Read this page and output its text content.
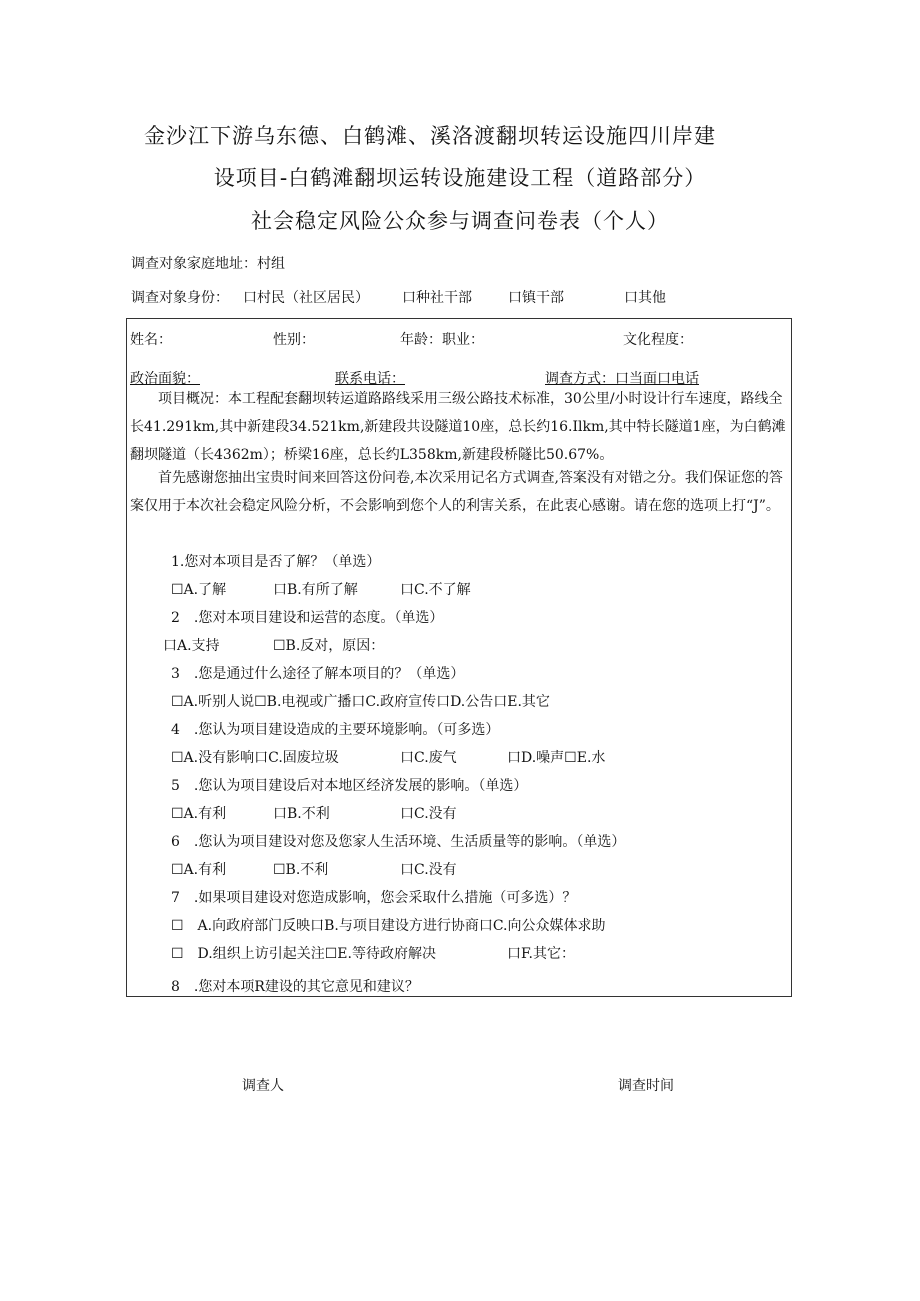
金沙江下游乌东德、白鹤滩、溪洛渡翻坝转运设施四川岸建
设项目-白鹤滩翻坝运转设施建设工程（道路部分）
社会稳定风险公众参与调查问卷表（个人）
调查对象家庭地址：村组
调查对象身份： 口村民（社区居民） 口种社干部	口镇干部	口其他
姓名：	性别：	年龄：职业：	文化程度：
政治面貌：	联系电话：	调查方式：口当面口电话
项目概况：本工程配套翻坝转运道路路线采用三级公路技术标准，30公里/小时设计行车速度，路线全长41.291km,其中新建段34.521km,新建段共设隧道10座，总长约16.Ilkm,其中特长隧道1座，为白鹤滩翻坝隧道（长4362m）；桥梁16座，总长约L358km,新建段桥隧比50.67%。
首先感谢您抽出宝贵时间来回答这份问卷,本次采用记名方式调查,答案没有对错之分。我们保证您的答案仅用于本次社会稳定风险分析，不会影响到您个人的利害关系，在此衷心感谢。请在您的选项上打“J”。
1.您对本项目是否了解？（单选）
☐A.了解	口B.有所了解	口C.不了解
2　.您对本项目建设和运营的态度。（单选）
口A.支持	☐B.反对，原因：
3　.您是通过什么途径了解本项目的？（单选）
☐A.听别人说☐B.电视或广播口C.政府宣传口D.公告口E.其它
4　.您认为项目建设造成的主要环境影响。（可多选）
☐A.没有影响口C.固废垃圾	口C.废气	口D.噪声☐E.水
5　.您认为项目建设后对本地区经济发展的影响。（单选）
☐A.有利	口B.不利	口C.没有
6　.您认为项目建设对您及您家人生活环境、生活质量等的影响。（单选）
☐A.有利	☐B.不利	口C.没有
7　.如果项目建设对您造成影响，您会采取什么措施（可多选）？
☐　A.向政府部门反映口B.与项目建设方进行协商口C.向公众媒体求助
☐　D.组织上访引起关注☐E.等待政府解决	口F.其它：
8　.您对本项R建设的其它意见和建议？
调查人	调查时间
